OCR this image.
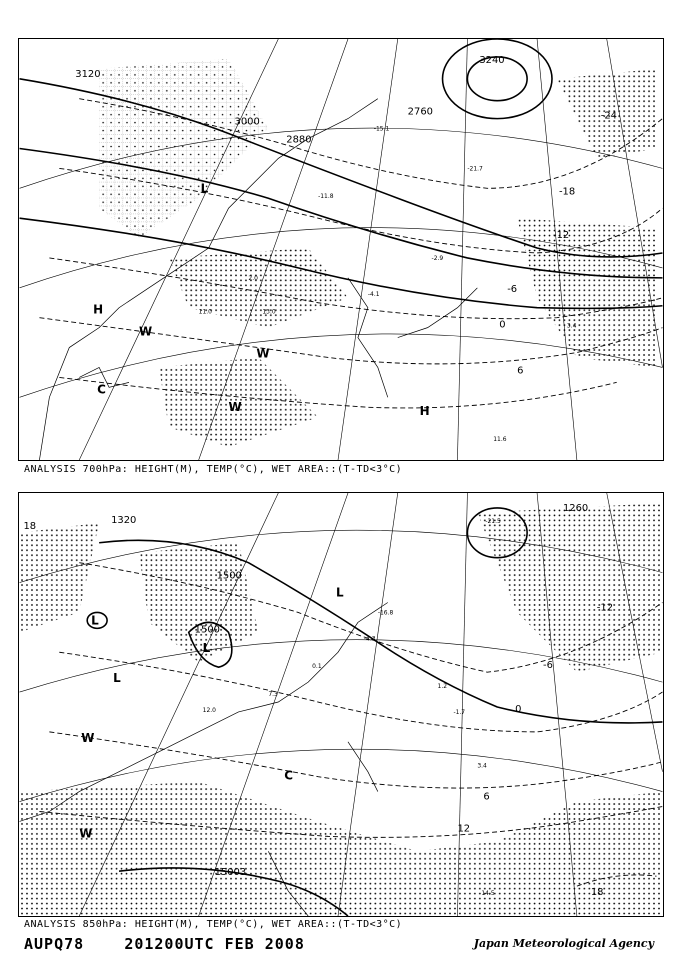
3120
3000
2880
2760
3240
-24
-18
-12
-6
0
6
H
H
W
W
W
C
L
11.6
-21.7
-15.1
-11.8
-2.9
2.0
-4.1
11.0	13.0
3.4
ANALYSIS 700hPa: HEIGHT(M), TEMP(°C), WET AREA::(T-TD<3°C)
1500
1500
1260
1320
15003
18
-12
-6
0
6
12
18
L
L
L
L
W
W
C
-21.5
-16.8
-4.3
0.1
1.2
7.3
12.0
14.5
3.4
-1.7
ANALYSIS 850hPa: HEIGHT(M), TEMP(°C), WET AREA::(T-TD<3°C)
AUPQ78	201200UTC FEB 2008	Japan Meteorological Agency
